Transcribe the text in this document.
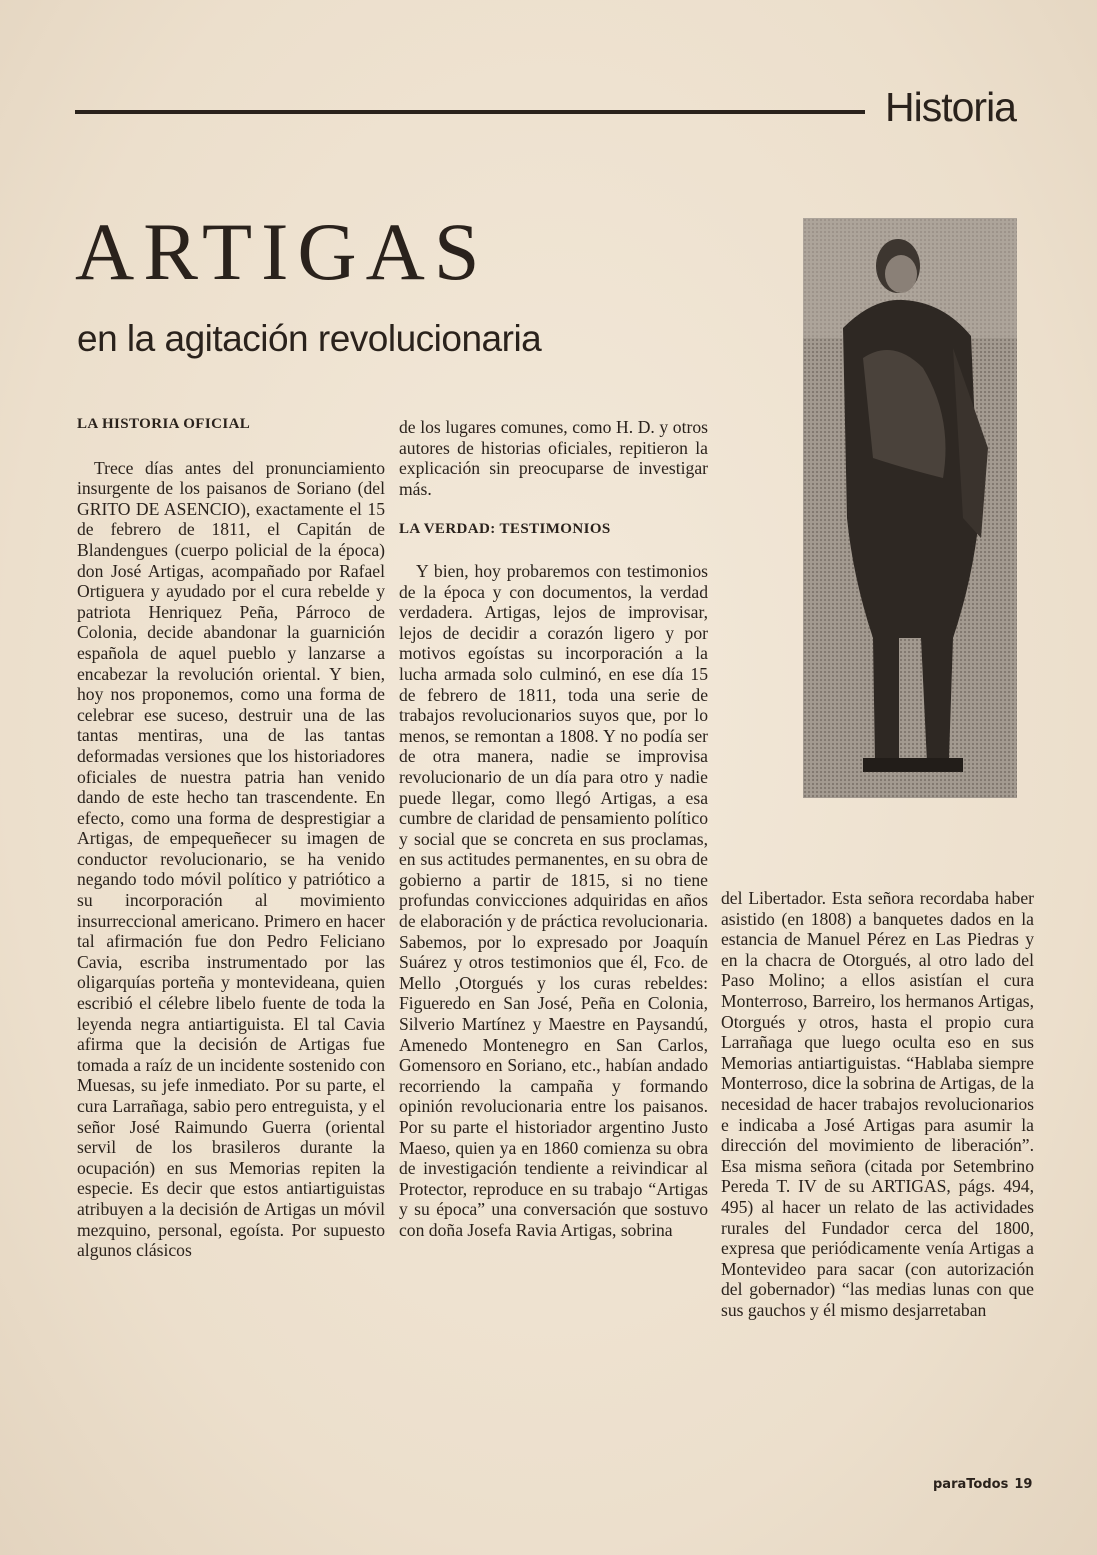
Historia
ARTIGAS
en la agitación revolucionaria
LA HISTORIA OFICIAL

Trece días antes del pronunciamiento insurgente de los paisanos de Soriano (del GRITO DE ASENCIO), exactamente el 15 de febrero de 1811, el Capitán de Blandengues (cuerpo policial de la época) don José Artigas, acompañado por Rafael Ortiguera y ayudado por el cura rebelde y patriota Henriquez Peña, Párroco de Colonia, decide abandonar la guarnición española de aquel pueblo y lanzarse a encabezar la revolución oriental. Y bien, hoy nos proponemos, como una forma de celebrar ese suceso, destruir una de las tantas mentiras, una de las tantas deformadas versiones que los historiadores oficiales de nuestra patria han venido dando de este hecho tan trascendente. En efecto, como una forma de desprestigiar a Artigas, de empequeñecer su imagen de conductor revolucionario, se ha venido negando todo móvil político y patriótico a su incorporación al movimiento insurreccional americano. Primero en hacer tal afirmación fue don Pedro Feliciano Cavia, escriba instrumentado por las oligarquías porteña y montevideana, quien escribió el célebre libelo fuente de toda la leyenda negra antiartiguista. El tal Cavia afirma que la decisión de Artigas fue tomada a raíz de un incidente sostenido con Muesas, su jefe inmediato. Por su parte, el cura Larrañaga, sabio pero entreguista, y el señor José Raimundo Guerra (oriental servil de los brasileros durante la ocupación) en sus Memorias repiten la especie. Es decir que estos antiartiguistas atribuyen a la decisión de Artigas un móvil mezquino, personal, egoísta. Por supuesto algunos clásicos

de los lugares comunes, como H. D. y otros autores de historias oficiales, repitieron la explicación sin preocuparse de investigar más.

LA VERDAD: TESTIMONIOS

Y bien, hoy probaremos con testimonios de la época y con documentos, la verdad verdadera. Artigas, lejos de improvisar, lejos de decidir a corazón ligero y por motivos egoístas su incorporación a la lucha armada solo culminó, en ese día 15 de febrero de 1811, toda una serie de trabajos revolucionarios suyos que, por lo menos, se remontan a 1808. Y no podía ser de otra manera, nadie se improvisa revolucionario de un día para otro y nadie puede llegar, como llegó Artigas, a esa cumbre de claridad de pensamiento político y social que se concreta en sus proclamas, en sus actitudes permanentes, en su obra de gobierno a partir de 1815, si no tiene profundas convicciones adquiridas en años de elaboración y de práctica revolucionaria. Sabemos, por lo expresado por Joaquín Suárez y otros testimonios que él, Fco. de Mello ,Otorgués y los curas rebeldes: Figueredo en San José, Peña en Colonia, Silverio Martínez y Maestre en Paysandú, Amenedo Montenegro en San Carlos, Gomensoro en Soriano, etc., habían andado recorriendo la campaña y formando opinión revolucionaria entre los paisanos. Por su parte el historiador argentino Justo Maeso, quien ya en 1860 comienza su obra de investigación tendiente a reivindicar al Protector, reproduce en su trabajo “Artigas y su época” una conversación que sostuvo con doña Josefa Ravia Artigas, sobrina

del Libertador. Esta señora recordaba haber asistido (en 1808) a banquetes dados en la estancia de Manuel Pérez en Las Piedras y en la chacra de Otorgués, al otro lado del Paso Molino; a ellos asistían el cura Monterroso, Barreiro, los hermanos Artigas, Otorgués y otros, hasta el propio cura Larrañaga que luego oculta eso en sus Memorias antiartiguistas. “Hablaba siempre Monterroso, dice la sobrina de Artigas, de la necesidad de hacer trabajos revolucionarios e indicaba a José Artigas para asumir la dirección del movimiento de liberación”. Esa misma señora (citada por Setembrino Pereda T. IV de su ARTIGAS, págs. 494, 495) al hacer un relato de las actividades rurales del Fundador cerca del 1800, expresa que periódicamente venía Artigas a Montevideo para sacar (con autorización del gobernador) “las medias lunas con que sus gauchos y él mismo desjarretaban

paraTodos 19
